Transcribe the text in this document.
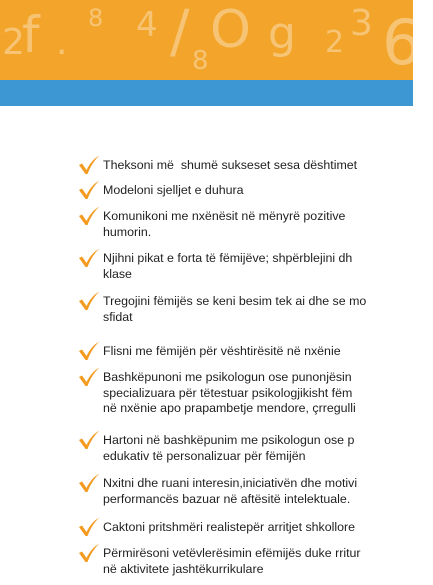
2
f .
8 4 / O g 2 3 6
8
Theksoni më  shumë sukseset sesa dështimet
Modeloni sjelljet e duhura
Komunikoni me nxënësit në mënyrë pozitive
humorin.
Njihni pikat e forta të fëmijëve; shpërblejini dh
klase
Tregojini fëmijës se keni besim tek ai dhe se mo
sfidat
Flisni me fëmijën për vështirësitë në nxënie
Bashkëpunoni me psikologun ose punonjësin
specializuara për tëtestuar psikologjikisht fëm
në nxënie apo prapambetje mendore, çrregulli
Hartoni në bashkëpunim me psikologun ose p
edukativ të personalizuar për fëmijën
Nxitni dhe ruani interesin,iniciativën dhe motivi
performancës bazuar në aftësitë intelektuale.
Caktoni pritshmëri realistepër arritjet shkollore
Përmirësoni vetëvlerësimin efëmijës duke rritur
në aktivitete jashtëkurrikulare
